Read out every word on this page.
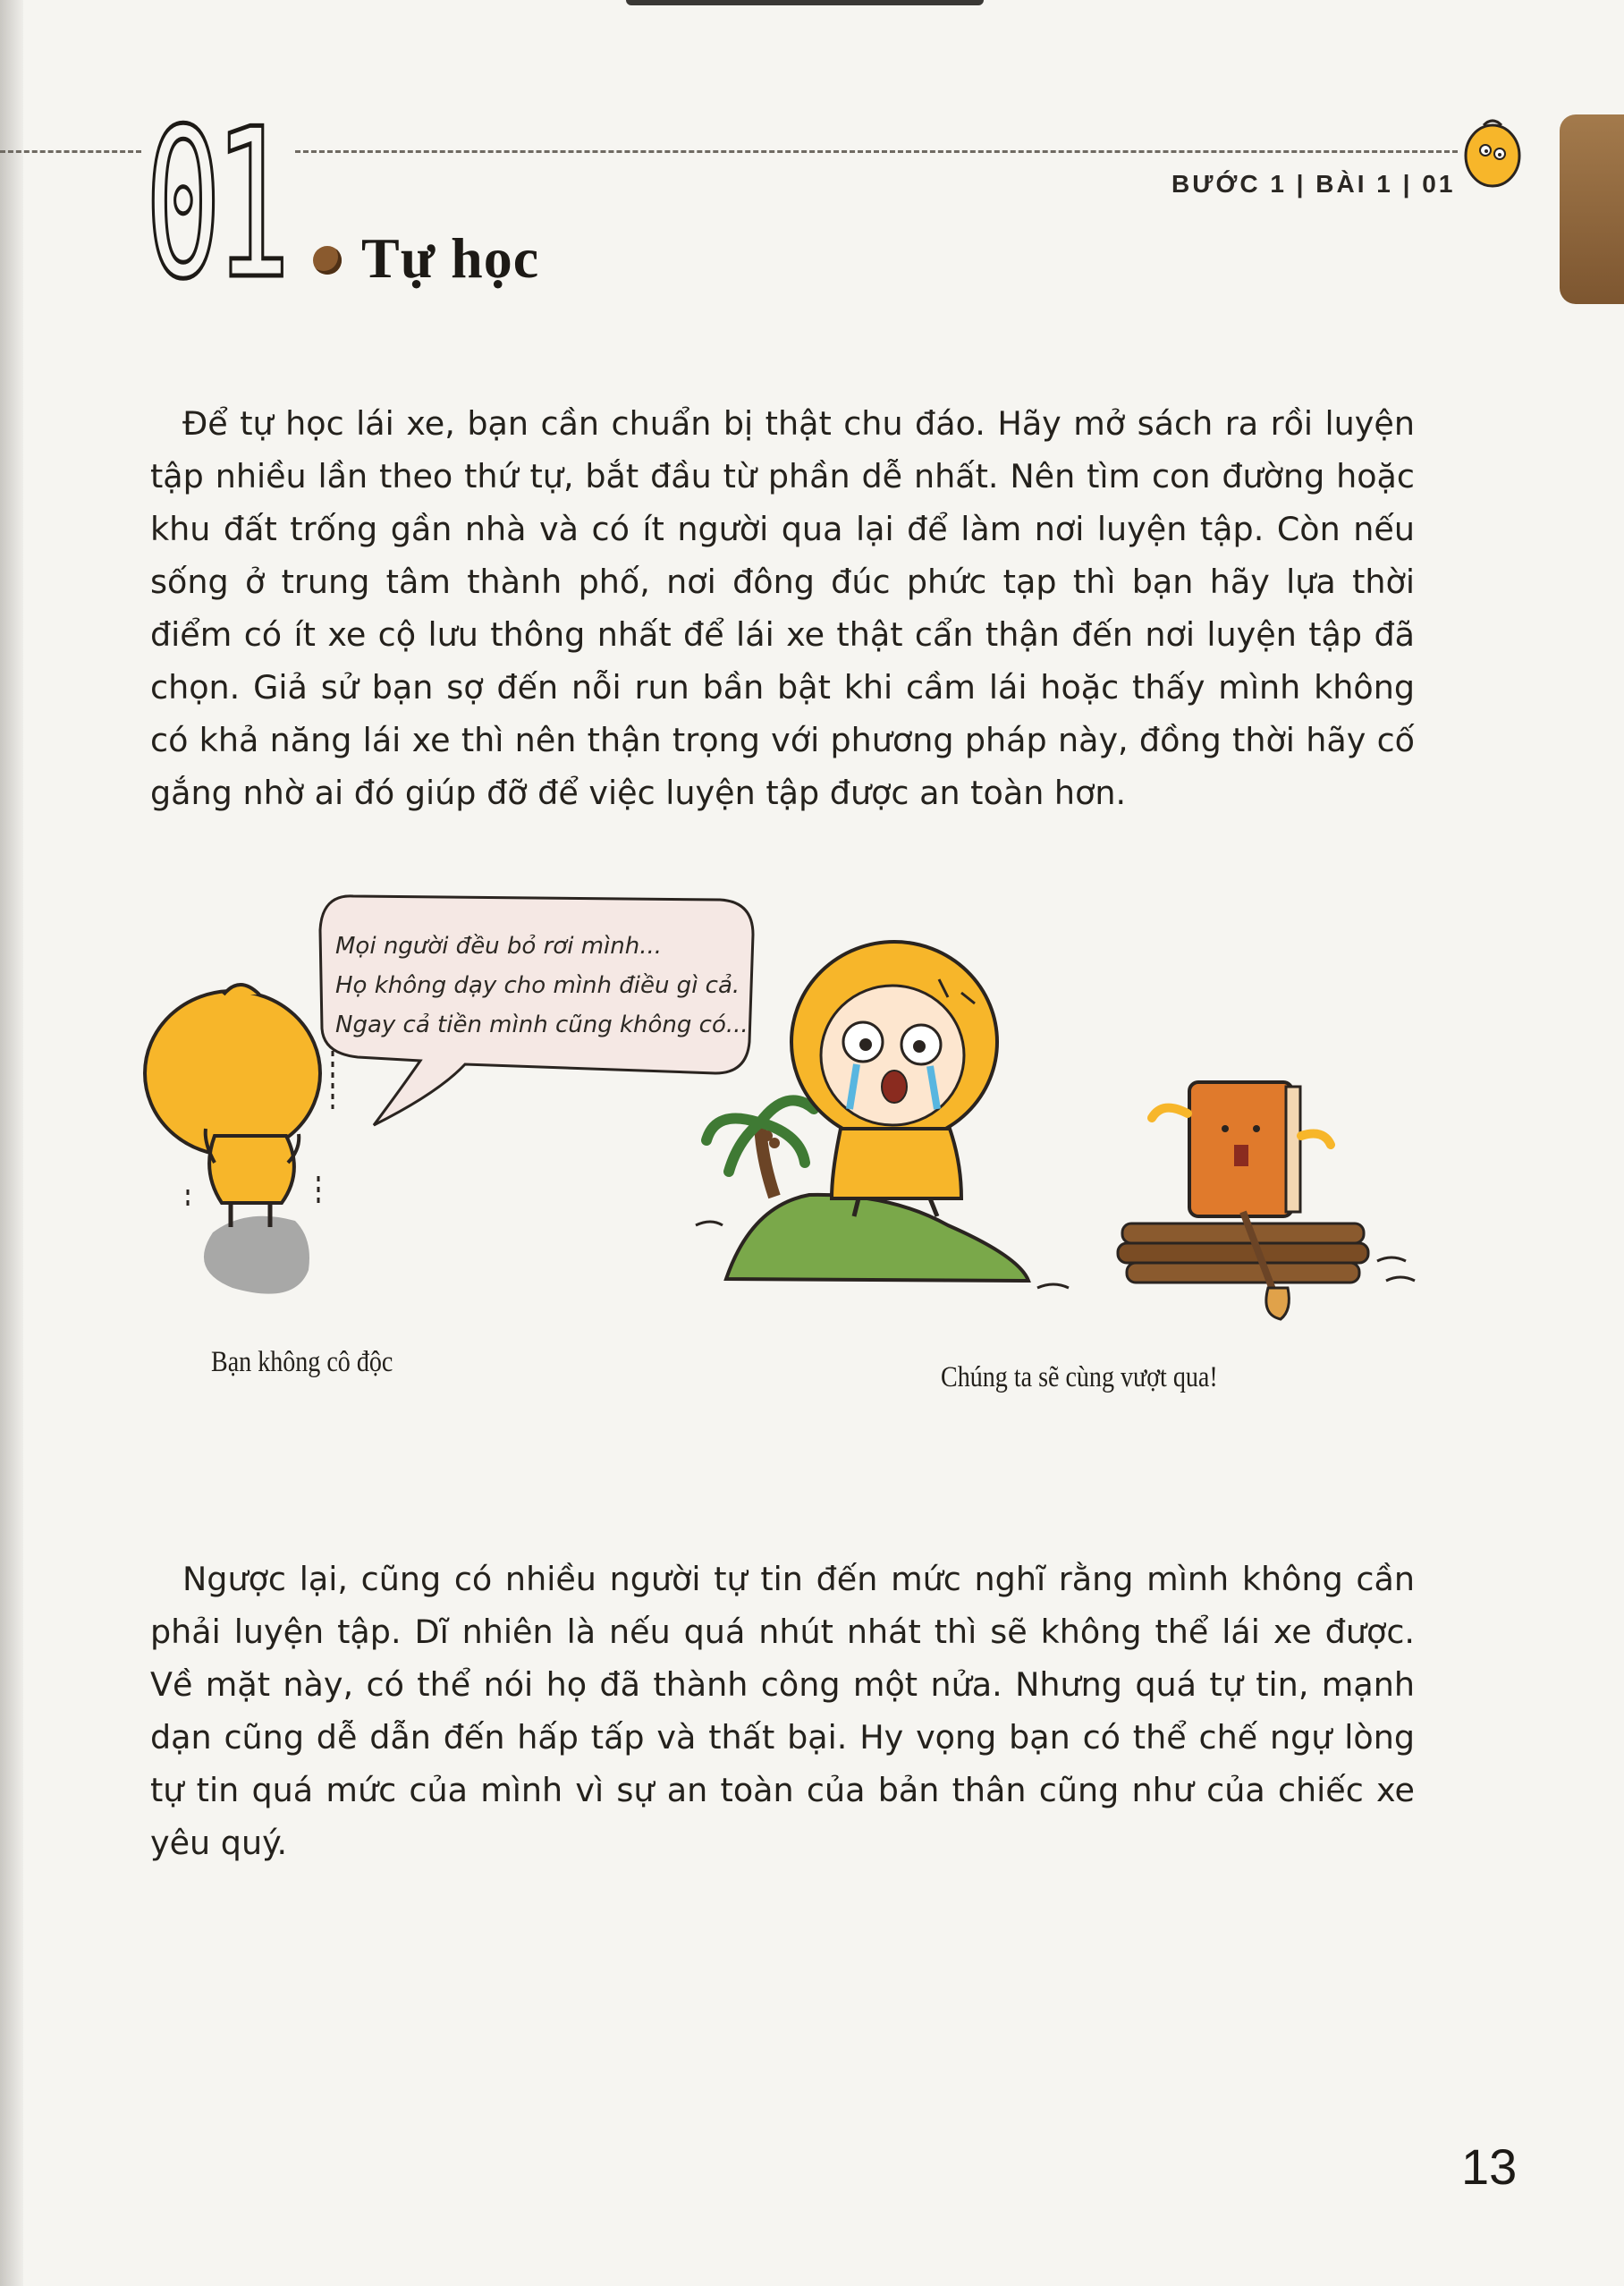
01 Tự học
BƯỚC 1 | BÀI 1 | 01

Để tự học lái xe, bạn cần chuẩn bị thật chu đáo. Hãy mở sách ra rồi luyện tập nhiều lần theo thứ tự, bắt đầu từ phần dễ nhất. Nên tìm con đường hoặc khu đất trống gần nhà và có ít người qua lại để làm nơi luyện tập. Còn nếu sống ở trung tâm thành phố, nơi đông đúc phức tạp thì bạn hãy lựa thời điểm có ít xe cộ lưu thông nhất để lái xe thật cẩn thận đến nơi luyện tập đã chọn. Giả sử bạn sợ đến nỗi run bần bật khi cầm lái hoặc thấy mình không có khả năng lái xe thì nên thận trọng với phương pháp này, đồng thời hãy cố gắng nhờ ai đó giúp đỡ để việc luyện tập được an toàn hơn.

Mọi người đều bỏ rơi mình...
Họ không dạy cho mình điều gì cả.
Ngay cả tiền mình cũng không có...
Bạn không cô độc	Chúng ta sẽ cùng vượt qua!

Ngược lại, cũng có nhiều người tự tin đến mức nghĩ rằng mình không cần phải luyện tập. Dĩ nhiên là nếu quá nhút nhát thì sẽ không thể lái xe được. Về mặt này, có thể nói họ đã thành công một nửa. Nhưng quá tự tin, mạnh dạn cũng dễ dẫn đến hấp tấp và thất bại. Hy vọng bạn có thể chế ngự lòng tự tin quá mức của mình vì sự an toàn của bản thân cũng như của chiếc xe yêu quý.

13
